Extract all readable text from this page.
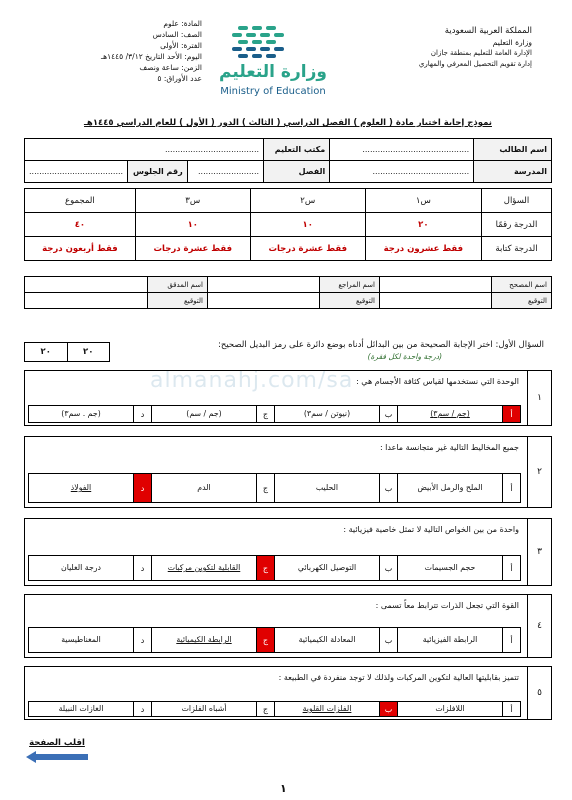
المادة: علوم
الصف: السادس
الفترة: الأولى
اليوم: الأحد التاريخ ٣/١٢/ ١٤٤٥هـ
الزمن: ساعة ونصف
عدد الأوراق: ٥	وزارة التعليم
Ministry of Education
المملكة العربية السعودية
وزارة التعليم
الإدارة العامة للتعليم بمنطقة جازان
إدارة تقويم التحصيل المعرفي والمهاري
نموذج إجابة اختبار مادة ( العلوم ) الفصل الدراسي ( الثالث ) الدور ( الأول ) للعام الدراسي ١٤٤٥هـ
اسم الطالب	..........................................	مكتب التعليم	.....................................		
المدرسة	......................................	الفصل	........................	رقم الجلوس	.....................................
السؤال	س١	س٢	س٣	المجموع
الدرجة رقمًا	٢٠	١٠	١٠	٤٠
الدرجة كتابة	فقط عشرون درجة	فقط عشرة درجات	فقط عشرة درجات	فقط أربعون درجة
اسم المصحح		اسم المراجع		اسم المدقق	
التوقيع		التوقيع		التوقيع	
السؤال الأول: اختر الإجابة الصحيحة من بين البدائل أدناه بوضع دائرة على رمز البديل الصحيح:
(درجة واحدة لكل فقرة)
٢٠	٢٠
almanahj.com/sa
١
الوحدة التي نستخدمها لقياس كثافة الأجسام هي :
أ
(جم / سم٣)
ب
(نيوتن / سم٣)
ج
(جم / سم)
د
(جم . سم٣)
٢
جميع المخاليط التالية غير متجانسة ماعدا :
أ
الملح والرمل الأبيض
ب
الحليب
ج
الدم
د
الفولاذ
٣
واحدة من بين الخواص التالية لا تمثل خاصية فيزيائية :
أ
حجم الجسيمات
ب
التوصيل الكهربائي
ج
القابلية لتكوين مركبات
د
درجة الغليان
٤
القوة التي تجعل الذرات تترابط معاً تسمى :
أ
الرابطة الفيزيائية
ب
المعادلة الكيميائية
ج
الرابطة الكيميائية
د
المغناطيسية
٥
تتميز بقابليتها العالية لتكوين المركبات ولذلك لا توجد منفردة في الطبيعة :
أ
اللافلزات
ب
الفلزات القلوية
ج
أشباه الفلزات
د
الغازات النبيلة
اقلب الصفحة
١
